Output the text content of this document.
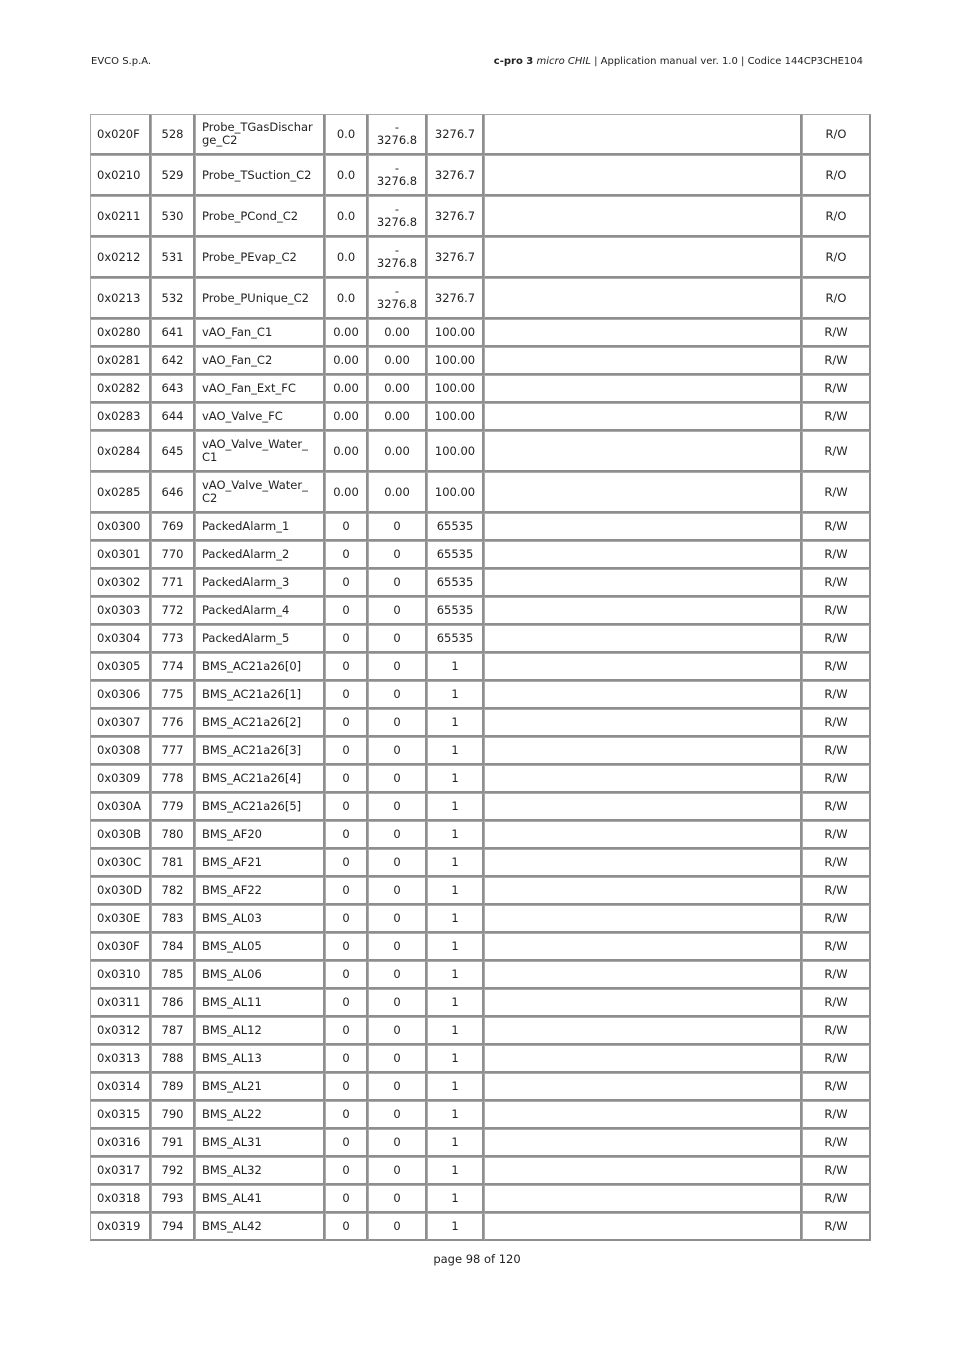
EVCO S.p.A.	c-pro 3 micro CHIL | Application manual ver. 1.0 | Codice 144CP3CHE104
0x020F	528	Probe_TGasDischar ge_C2	0.0	- 3276.8	3276.7		R/O
0x0210	529	Probe_TSuction_C2	0.0	- 3276.8	3276.7		R/O
0x0211	530	Probe_PCond_C2	0.0	- 3276.8	3276.7		R/O
0x0212	531	Probe_PEvap_C2	0.0	- 3276.8	3276.7		R/O
0x0213	532	Probe_PUnique_C2	0.0	- 3276.8	3276.7		R/O
0x0280	641	vAO_Fan_C1	0.00	0.00	100.00		R/W
0x0281	642	vAO_Fan_C2	0.00	0.00	100.00		R/W
0x0282	643	vAO_Fan_Ext_FC	0.00	0.00	100.00		R/W
0x0283	644	vAO_Valve_FC	0.00	0.00	100.00		R/W
0x0284	645	vAO_Valve_Water_ C1	0.00	0.00	100.00		R/W
0x0285	646	vAO_Valve_Water_ C2	0.00	0.00	100.00		R/W
0x0300	769	PackedAlarm_1	0	0	65535		R/W
0x0301	770	PackedAlarm_2	0	0	65535		R/W
0x0302	771	PackedAlarm_3	0	0	65535		R/W
0x0303	772	PackedAlarm_4	0	0	65535		R/W
0x0304	773	PackedAlarm_5	0	0	65535		R/W
0x0305	774	BMS_AC21a26[0]	0	0	1		R/W
0x0306	775	BMS_AC21a26[1]	0	0	1		R/W
0x0307	776	BMS_AC21a26[2]	0	0	1		R/W
0x0308	777	BMS_AC21a26[3]	0	0	1		R/W
0x0309	778	BMS_AC21a26[4]	0	0	1		R/W
0x030A	779	BMS_AC21a26[5]	0	0	1		R/W
0x030B	780	BMS_AF20	0	0	1		R/W
0x030C	781	BMS_AF21	0	0	1		R/W
0x030D	782	BMS_AF22	0	0	1		R/W
0x030E	783	BMS_AL03	0	0	1		R/W
0x030F	784	BMS_AL05	0	0	1		R/W
0x0310	785	BMS_AL06	0	0	1		R/W
0x0311	786	BMS_AL11	0	0	1		R/W
0x0312	787	BMS_AL12	0	0	1		R/W
0x0313	788	BMS_AL13	0	0	1		R/W
0x0314	789	BMS_AL21	0	0	1		R/W
0x0315	790	BMS_AL22	0	0	1		R/W
0x0316	791	BMS_AL31	0	0	1		R/W
0x0317	792	BMS_AL32	0	0	1		R/W
0x0318	793	BMS_AL41	0	0	1		R/W
0x0319	794	BMS_AL42	0	0	1		R/W
page 98 of 120
